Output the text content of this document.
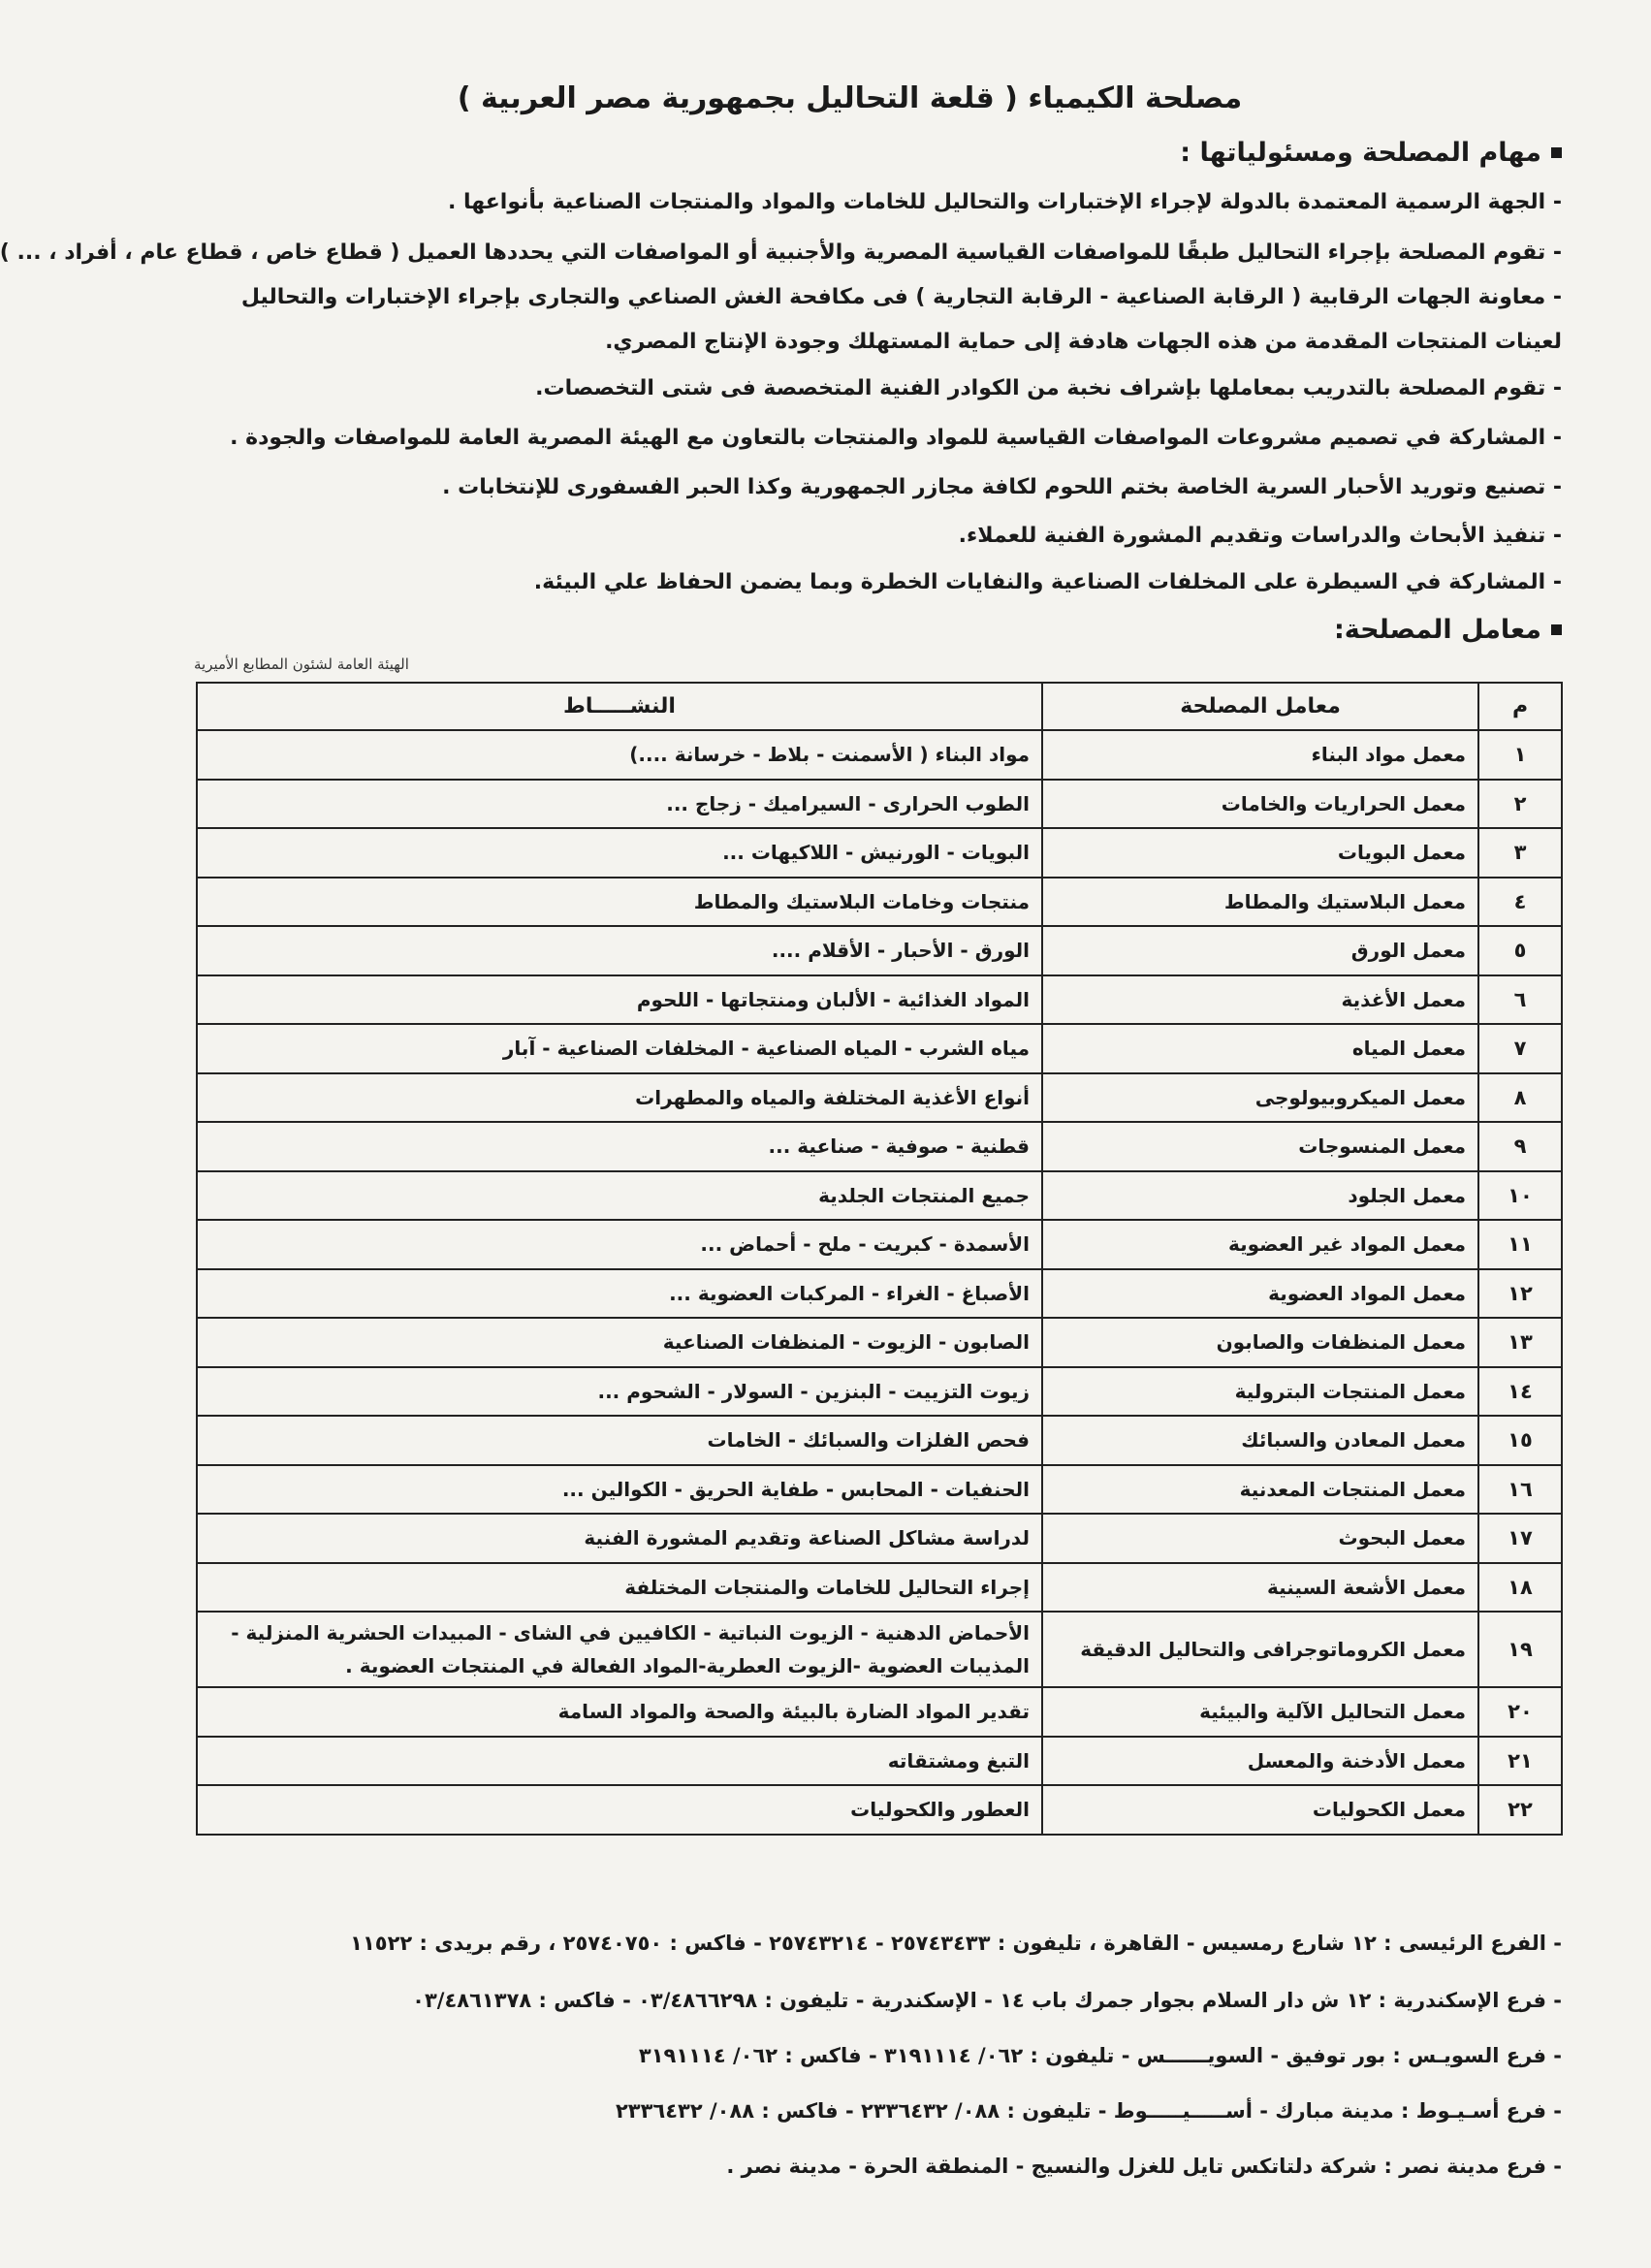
مصلحة الكيمياء ( قلعة التحاليل بجمهورية مصر العربية )
مهام المصلحة ومسئولياتها :
- الجهة الرسمية المعتمدة بالدولة لإجراء الإختبارات والتحاليل للخامات والمواد والمنتجات الصناعية بأنواعها .
- تقوم المصلحة بإجراء التحاليل طبقًا للمواصفات القياسية المصرية والأجنبية أو المواصفات التي يحددها العميل ( قطاع خاص ، قطاع عام ، أفراد ، ... )
- معاونة الجهات الرقابية ( الرقابة الصناعية - الرقابة التجارية ) فى مكافحة الغش الصناعي والتجارى بإجراء الإختبارات والتحاليل لعينات المنتجات المقدمة من هذه الجهات هادفة إلى حماية المستهلك وجودة الإنتاج المصري.
- تقوم المصلحة بالتدريب بمعاملها بإشراف نخبة من الكوادر الفنية المتخصصة فى شتى التخصصات.
- المشاركة في تصميم مشروعات المواصفات القياسية للمواد والمنتجات بالتعاون مع الهيئة المصرية العامة للمواصفات والجودة .
- تصنيع وتوريد الأحبار السرية الخاصة بختم اللحوم لكافة مجازر الجمهورية وكذا الحبر الفسفورى للإنتخابات .
- تنفيذ الأبحاث والدراسات وتقديم المشورة الفنية للعملاء.
- المشاركة في السيطرة على المخلفات الصناعية والنفايات الخطرة وبما يضمن الحفاظ علي البيئة.
معامل المصلحة:
الهيئة العامة لشئون المطابع الأميرية
م	معامل المصلحة	النشـــــاط
١	معمل مواد البناء	مواد البناء ( الأسمنت - بلاط - خرسانة ....)
٢	معمل الحراريات والخامات	الطوب الحرارى - السيراميك - زجاج ...
٣	معمل البويات	البويات - الورنيش - اللاكيهات ...
٤	معمل البلاستيك والمطاط	منتجات وخامات البلاستيك والمطاط
٥	معمل الورق	الورق - الأحبار - الأقلام ....
٦	معمل الأغذية	المواد الغذائية - الألبان ومنتجاتها - اللحوم
٧	معمل المياه	مياه الشرب - المياه الصناعية - المخلفات الصناعية - آبار
٨	معمل الميكروبيولوجى	أنواع الأغذية المختلفة والمياه والمطهرات
٩	معمل المنسوجات	قطنية - صوفية - صناعية ...
١٠	معمل الجلود	جميع المنتجات الجلدية
١١	معمل المواد غير العضوية	الأسمدة - كبريت - ملح - أحماض ...
١٢	معمل المواد العضوية	الأصباغ - الغراء - المركبات العضوية ...
١٣	معمل المنظفات والصابون	الصابون - الزيوت - المنظفات الصناعية
١٤	معمل المنتجات البترولية	زيوت التزييت - البنزين - السولار - الشحوم ...
١٥	معمل المعادن والسبائك	فحص الفلزات والسبائك - الخامات
١٦	معمل المنتجات المعدنية	الحنفيات - المحابس - طفاية الحريق - الكوالين ...
١٧	معمل البحوث	لدراسة مشاكل الصناعة وتقديم المشورة الفنية
١٨	معمل الأشعة السينية	إجراء التحاليل للخامات والمنتجات المختلفة
١٩	معمل الكروماتوجرافى والتحاليل الدقيقة	الأحماض الدهنية - الزيوت النباتية - الكافيين في الشاى - المبيدات الحشرية المنزلية - المذيبات العضوية -الزيوت العطرية-المواد الفعالة في المنتجات العضوية .
٢٠	معمل التحاليل الآلية والبيئية	تقدير المواد الضارة بالبيئة والصحة والمواد السامة
٢١	معمل الأدخنة والمعسل	التبغ ومشتقاته
٢٢	معمل الكحوليات	العطور والكحوليات
- الفرع الرئيسى : ١٢ شارع رمسيس - القاهرة ، تليفون : ٢٥٧٤٣٤٣٣ - ٢٥٧٤٣٢١٤ - فاكس : ٢٥٧٤٠٧٥٠ ، رقم بريدى : ١١٥٢٢
- فرع الإسكندرية : ١٢ ش دار السلام بجوار جمرك باب ١٤ - الإسكندرية - تليفون : ٠٣/٤٨٦٦٢٩٨ - فاكس : ٠٣/٤٨٦١٣٧٨
- فرع السويـس : بور توفيق - السويــــــس - تليفون : ٠٦٢/ ٣١٩١١١٤ - فاكس : ٠٦٢/ ٣١٩١١١٤
- فرع أسـيـوط : مدينة مبارك - أســـــيـــــوط - تليفون : ٠٨٨/ ٢٣٣٦٤٣٢ - فاكس : ٠٨٨/ ٢٣٣٦٤٣٢
- فرع مدينة نصر : شركة دلتاتكس تايل للغزل والنسيج - المنطقة الحرة - مدينة نصر .
